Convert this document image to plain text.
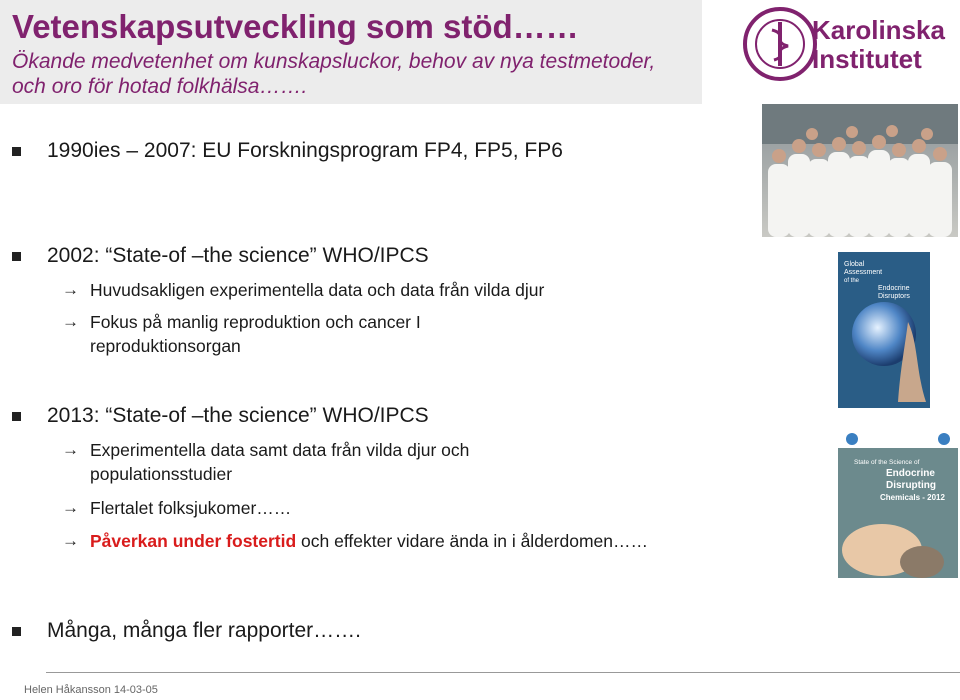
Vetenskapsutveckling som stöd……

Ökande medvetenhet om kunskapsluckor, behov av nya testmetoder, och oro för hotad folkhälsa…….

Karolinska
Institutet
Global
Assessment
of the
Endocrine
Disruptors
State of the Science of
Endocrine
Disrupting
Chemicals - 2012
1990ies – 2007: EU Forskningsprogram FP4, FP5, FP6
2002: “State-of –the science” WHO/IPCS
→ Huvudsakligen experimentella data och data från vilda djur
→ Fokus på manlig reproduktion och cancer I reproduktionsorgan
2013: “State-of –the science” WHO/IPCS
→ Experimentella data samt data från vilda djur och populationsstudier
→ Flertalet folksjukomer……
→ Påverkan under fostertid och effekter vidare ända in i ålderdomen……
Många, många fler rapporter…….
Helen Håkansson 14-03-05
